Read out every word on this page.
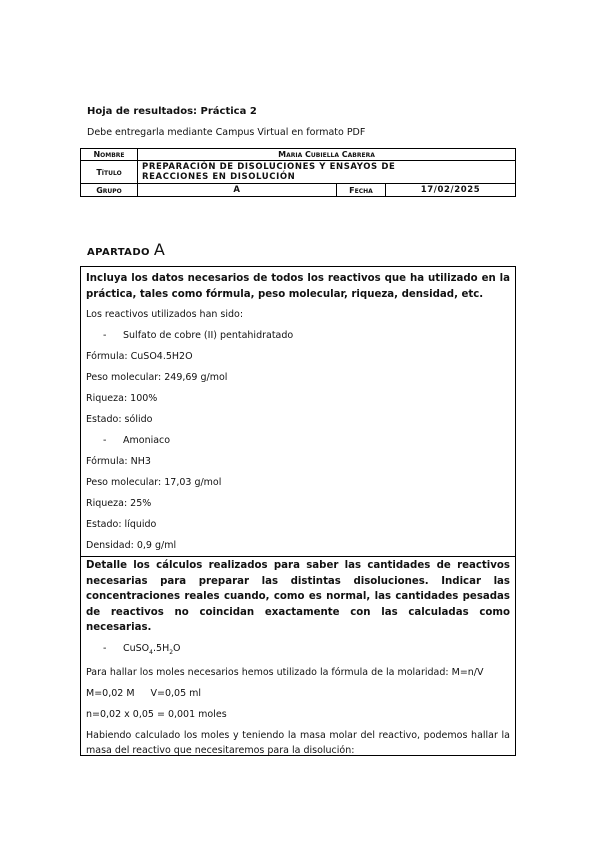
Hoja de resultados: Práctica 2
Debe entregarla mediante Campus Virtual en formato PDF
Nombre	Maria Cubiella Cabrera		
Título	PREPARACIÓN DE DISOLUCIONES Y ENSAYOS DE
REACCIONES EN DISOLUCIÓN		

Grupo	A	Fecha	17/02/2025
APARTADO A
Incluya los datos necesarios de todos los reactivos que ha utilizado en la práctica, tales como fórmula, peso molecular, riqueza, densidad, etc.
Los reactivos utilizados han sido:
- Sulfato de cobre (II) pentahidratado
Fórmula: CuSO4.5H2O
Peso molecular: 249,69 g/mol
Riqueza: 100%
Estado: sólido
- Amoniaco
Fórmula: NH3
Peso molecular: 17,03 g/mol
Riqueza: 25%
Estado: líquido
Densidad: 0,9 g/ml
Detalle los cálculos realizados para saber las cantidades de reactivos necesarias para preparar las distintas disoluciones. Indicar las concentraciones reales cuando, como es normal, las cantidades pesadas de reactivos no coincidan exactamente con las calculadas como necesarias.
- $CuSO_4.5H_2O$
Para hallar los moles necesarios hemos utilizado la fórmula de la molaridad: M=n/V
M=0,02 M V=0,05 ml
n=0,02 x 0,05 = 0,001 moles
Habiendo calculado los moles y teniendo la masa molar del reactivo, podemos hallar la masa del reactivo que necesitaremos para la disolución:
